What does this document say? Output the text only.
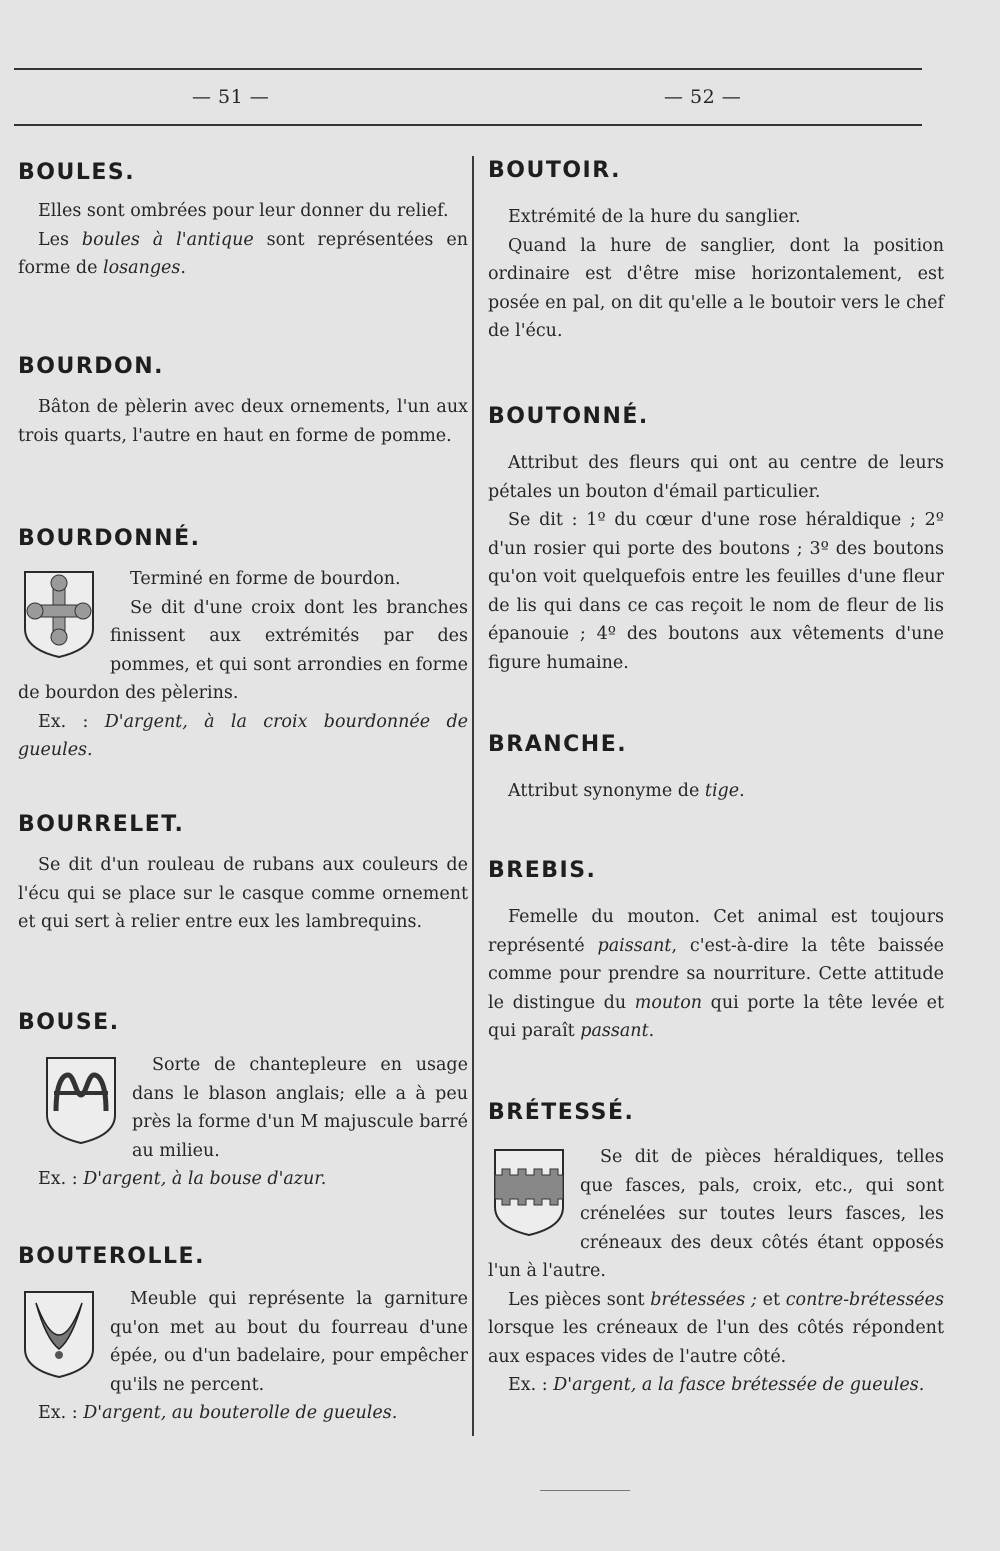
— 51 —	— 52 —
BOULES.

Elles sont ombrées pour leur donner du relief.

Les boules à l'antique sont représentées en forme de losanges.

BOURDON.

Bâton de pèlerin avec deux ornements, l'un aux trois quarts, l'autre en haut en forme de pomme.

BOURDONNÉ.

Terminé en forme de bourdon.

Se dit d'une croix dont les branches finissent aux extrémités par des pommes, et qui sont arrondies en forme de bourdon des pèlerins.

Ex. : D'argent, à la croix bourdonnée de gueules.

BOURRELET.

Se dit d'un rouleau de rubans aux couleurs de l'écu qui se place sur le casque comme ornement et qui sert à relier entre eux les lambrequins.

BOUSE.

Sorte de chantepleure en usage dans le blason anglais; elle a à peu près la forme d'un M majuscule barré au milieu.

Ex. : D'argent, à la bouse d'azur.

BOUTEROLLE.

Meuble qui représente la garniture qu'on met au bout du fourreau d'une épée, ou d'un badelaire, pour empêcher qu'ils ne percent.

Ex. : D'argent, au bouterolle de gueules.

BOUTOIR.

Extrémité de la hure du sanglier.

Quand la hure de sanglier, dont la position ordinaire est d'être mise horizontalement, est posée en pal, on dit qu'elle a le boutoir vers le chef de l'écu.

BOUTONNÉ.

Attribut des fleurs qui ont au centre de leurs pétales un bouton d'émail particulier.

Se dit : 1º du cœur d'une rose héraldique ; 2º d'un rosier qui porte des boutons ; 3º des boutons qu'on voit quelquefois entre les feuilles d'une fleur de lis qui dans ce cas reçoit le nom de fleur de lis épanouie ; 4º des boutons aux vêtements d'une figure humaine.

BRANCHE.

Attribut synonyme de tige.

BREBIS.

Femelle du mouton. Cet animal est toujours représenté paissant, c'est-à-dire la tête baissée comme pour prendre sa nourriture. Cette attitude le distingue du mouton qui porte la tête levée et qui paraît passant.

BRÉTESSÉ.

Se dit de pièces héraldiques, telles que fasces, pals, croix, etc., qui sont crénelées sur toutes leurs fasces, les créneaux des deux côtés étant opposés l'un à l'autre.

Les pièces sont brétessées ; et contre-brétessées lorsque les créneaux de l'un des côtés répondent aux espaces vides de l'autre côté.

Ex. : D'argent, a la fasce brétessée de gueules.
